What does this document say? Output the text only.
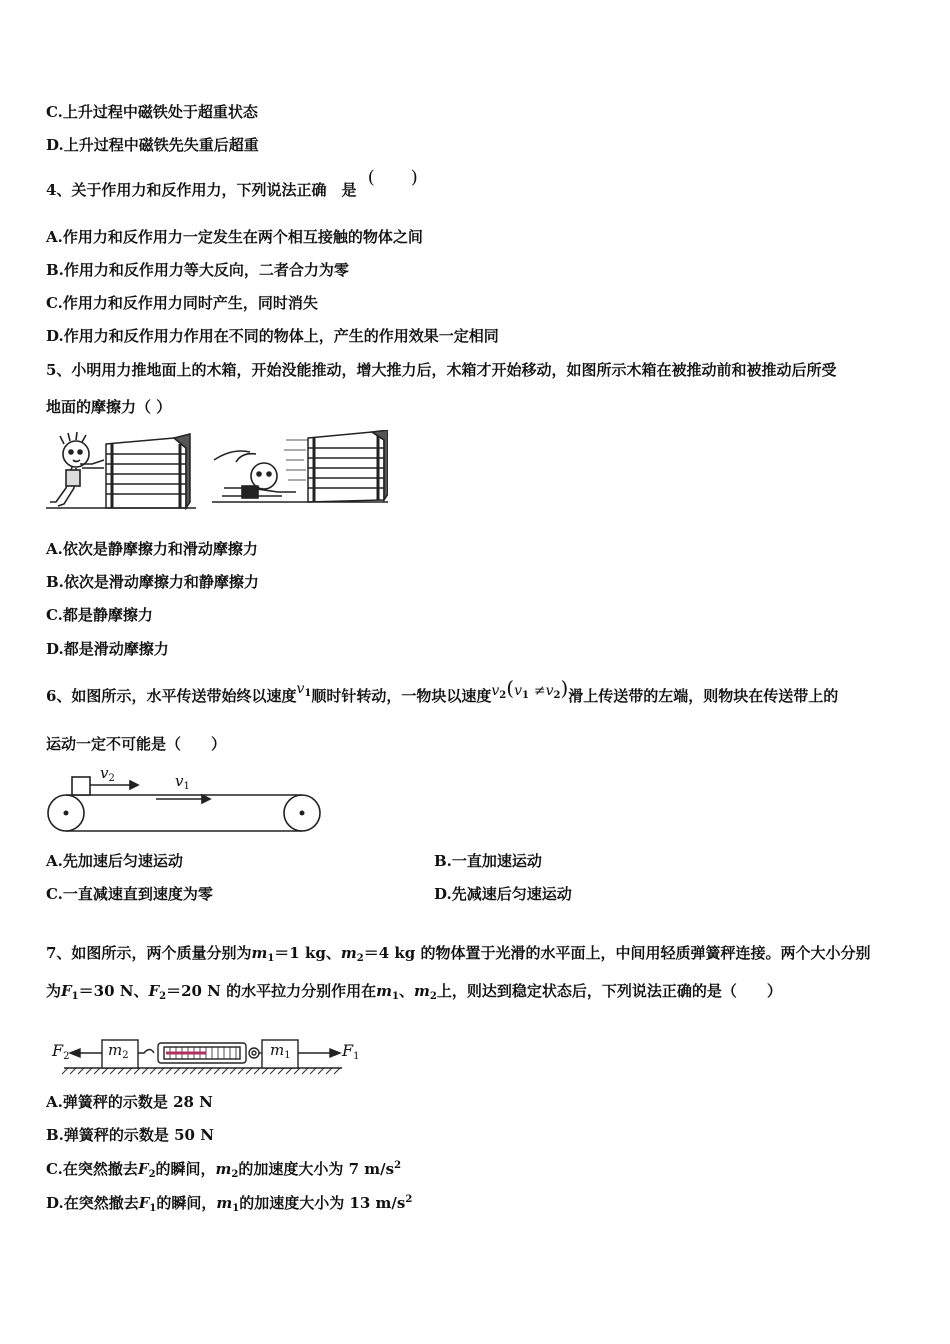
C.上升过程中磁铁处于超重状态
D.上升过程中磁铁先失重后超重
4、关于作用力和反作用力，下列说法正确　是 (　　)
A.作用力和反作用力一定发生在两个相互接触的物体之间
B.作用力和反作用力等大反向，二者合力为零
C.作用力和反作用力同时产生，同时消失
D.作用力和反作用力作用在不同的物体上，产生的作用效果一定相同
5、小明用力推地面上的木箱，开始没能推动，增大推力后，木箱才开始移动，如图所示木箱在被推动前和被推动后所受
地面的摩擦力（ ）
A.依次是静摩擦力和滑动摩擦力
B.依次是滑动摩擦力和静摩擦力
C.都是静摩擦力
D.都是滑动摩擦力
6、如图所示，水平传送带始终以速度$v_1$顺时针转动，一物块以速度$v_2(v_1 \ne v_2)$滑上传送带的左端，则物块在传送带上的
运动一定不可能是（　　）
$v_2$	$v_1$
A.先加速后匀速运动	B.一直加速运动
C.一直减速直到速度为零	D.先减速后匀速运动
7、如图所示，两个质量分别为$m_1=1$ kg、$m_2=4$ kg 的物体置于光滑的水平面上，中间用轻质弹簧秤连接。两个大小分别
为$F_1=30$ N、$F_2=20$ N 的水平拉力分别作用在$m_1$、$m_2$上，则达到稳定状态后，下列说法正确的是（　　）
$F_2$	$m_2$	$m_1$	$F_1$
A.弹簧秤的示数是 28 N
B.弹簧秤的示数是 50 N
C.在突然撤去$F_2$的瞬间，$m_2$的加速度大小为 7 $m/s^2$
D.在突然撤去$F_1$的瞬间，$m_1$的加速度大小为 13 $m/s^2$
